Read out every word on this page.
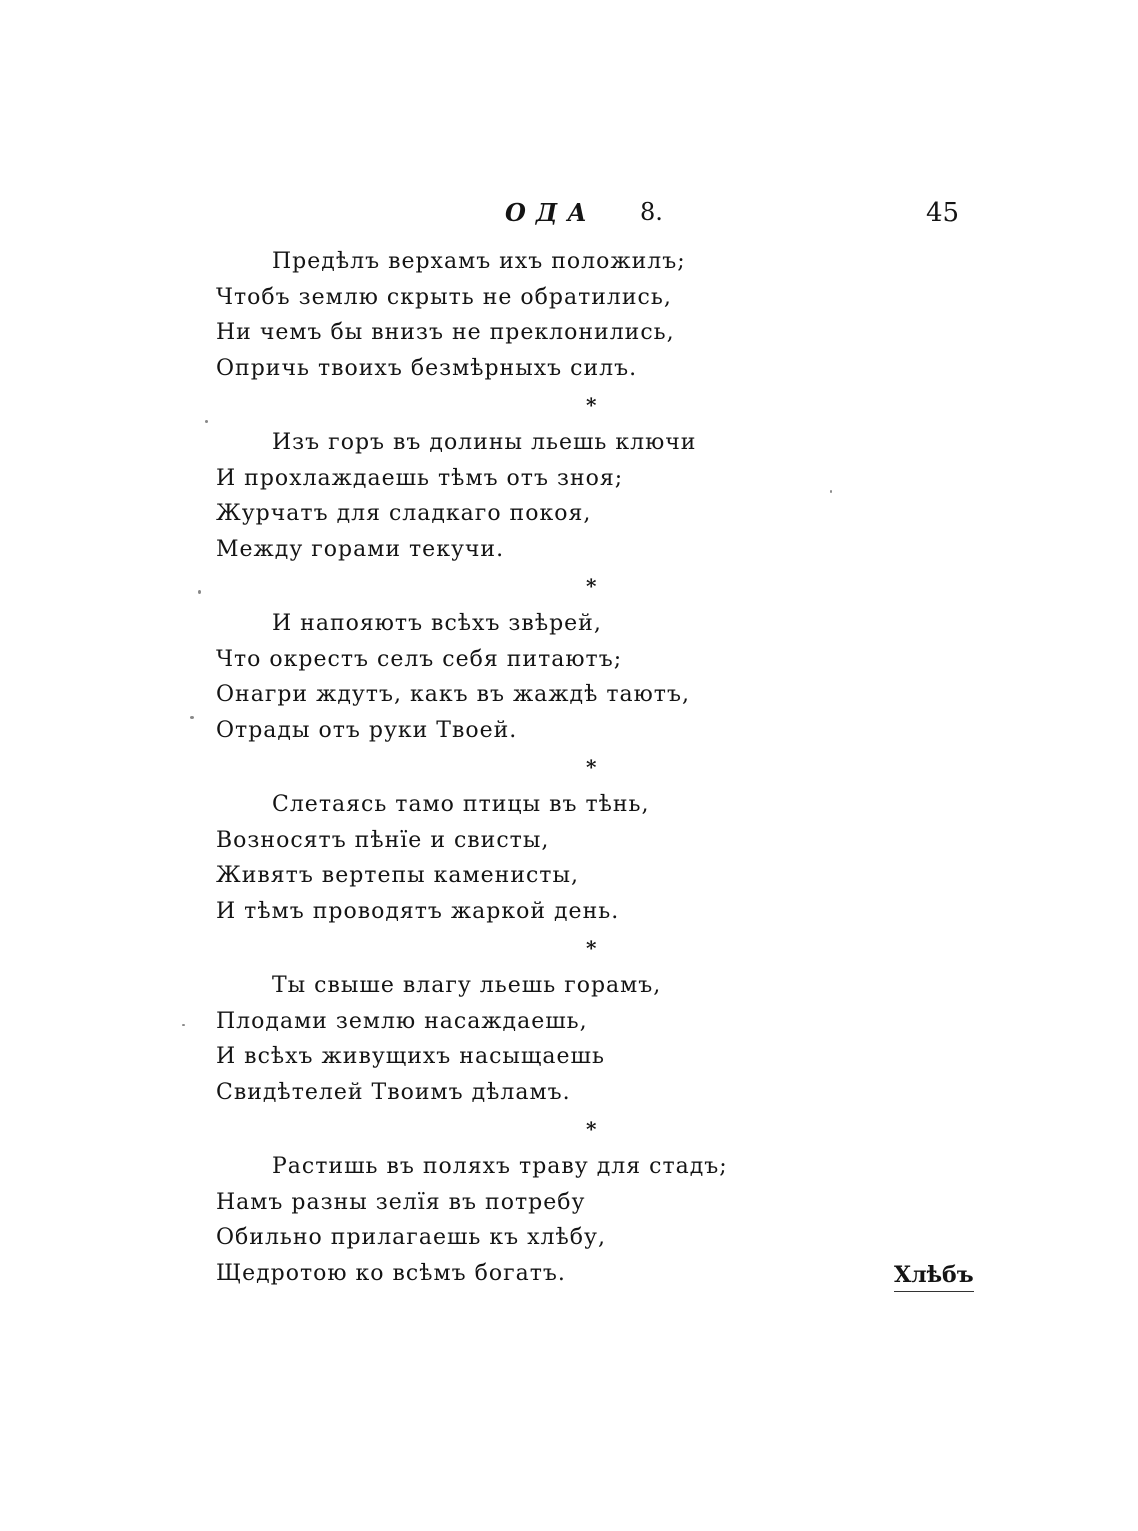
ОДА 8.	45
Предѣлъ верхамъ ихъ положилъ;
Чтобъ землю скрыть не обратились,
Ни чемъ бы внизъ не преклонились,
Опричь твоихъ безмѣрныхъ силъ.
*
Изъ горъ въ долины льешь ключи
И прохлаждаешь тѣмъ отъ зноя;
Журчатъ для сладкаго покоя,
Между горами текучи.
*
И напояютъ всѣхъ звѣрей,
Что окрестъ селъ себя питаютъ;
Онагри ждутъ, какъ въ жаждѣ таютъ,
Отрады отъ руки Твоей.
*
Слетаясь тамо птицы въ тѣнь,
Возносятъ пѣнїе и свисты,
Живятъ вертепы каменисты,
И тѣмъ проводятъ жаркой день.
*
Ты свыше влагу льешь горамъ,
Плодами землю насаждаешь,
И всѣхъ живущихъ насыщаешь
Свидѣтелей Твоимъ дѣламъ.
*
Растишь въ поляхъ траву для стадъ;
Намъ разны зелїя въ потребу
Обильно прилагаешь къ хлѣбу,
Щедротою ко всѣмъ богатъ.	Хлѣбъ
